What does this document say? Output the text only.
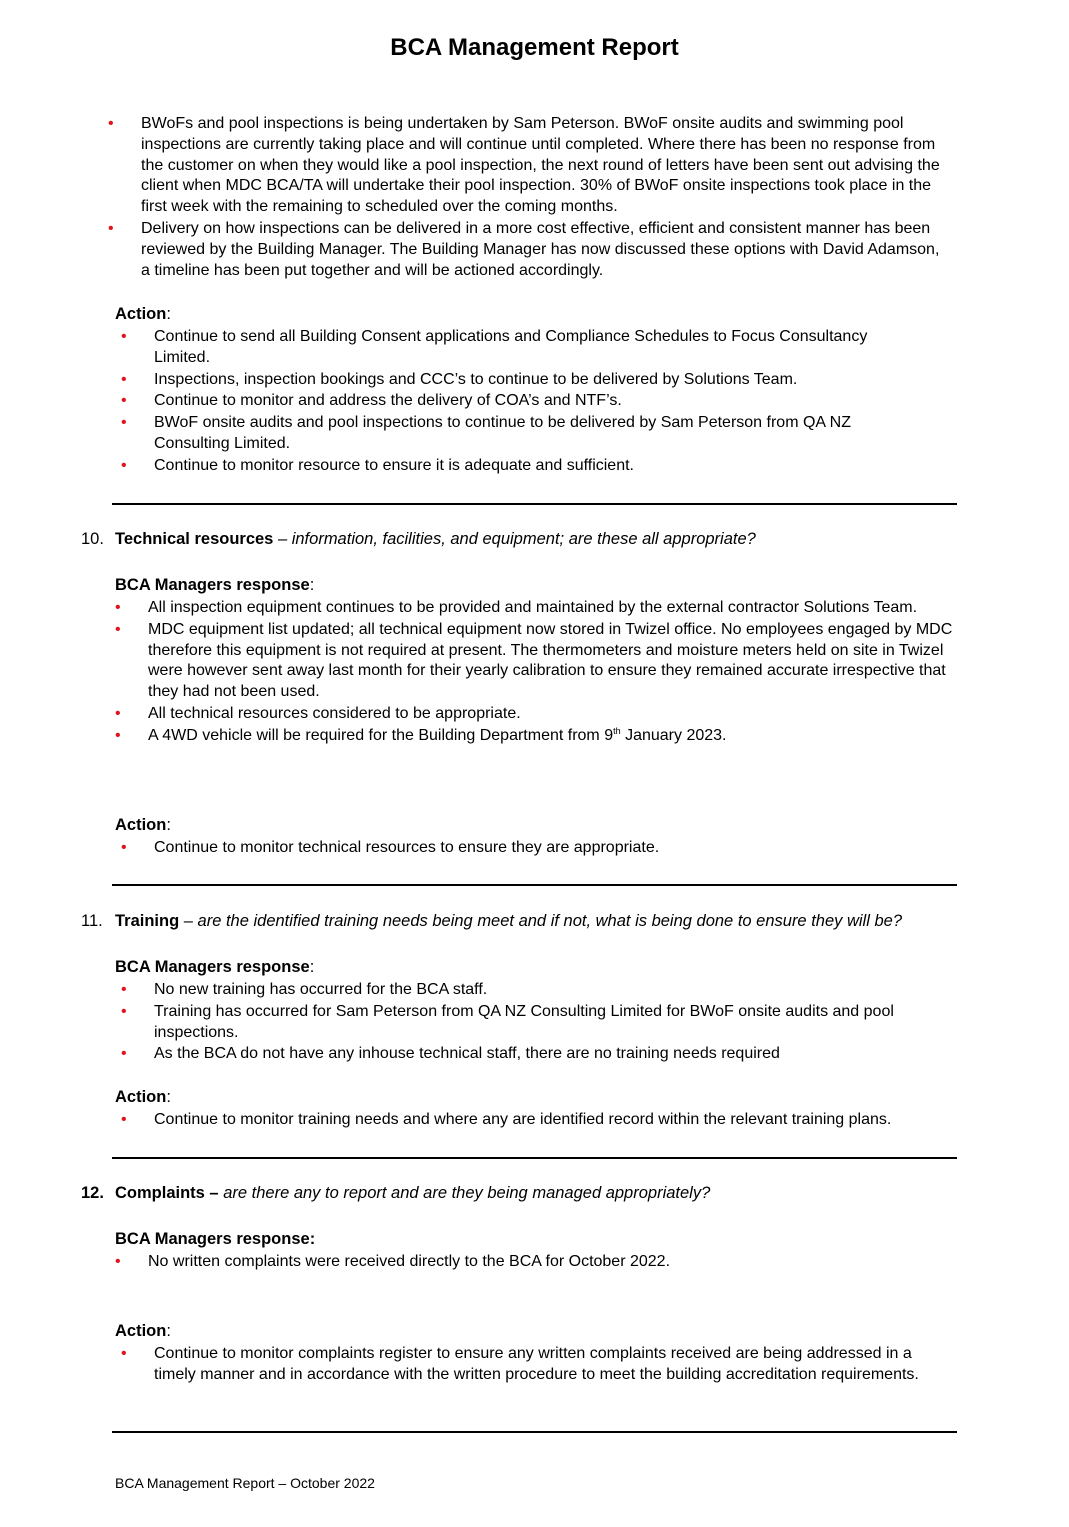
BCA Management Report
• BWoFs and pool inspections is being undertaken by Sam Peterson. BWoF onsite audits and swimming pool inspections are currently taking place and will continue until completed. Where there has been no response from the customer on when they would like a pool inspection, the next round of letters have been sent out advising the client when MDC BCA/TA will undertake their pool inspection. 30% of BWoF onsite inspections took place in the first week with the remaining to scheduled over the coming months.
• Delivery on how inspections can be delivered in a more cost effective, efficient and consistent manner has been reviewed by the Building Manager. The Building Manager has now discussed these options with David Adamson, a timeline has been put together and will be actioned accordingly.

Action:

• Continue to send all Building Consent applications and Compliance Schedules to Focus Consultancy Limited.
• Inspections, inspection bookings and CCC’s to continue to be delivered by Solutions Team.
• Continue to monitor and address the delivery of COA’s and NTF’s.
• BWoF onsite audits and pool inspections to continue to be delivered by Sam Peterson from QA NZ Consulting Limited.
• Continue to monitor resource to ensure it is adequate and sufficient.

10. Technical resources – information, facilities, and equipment; are these all appropriate?

BCA Managers response:

• All inspection equipment continues to be provided and maintained by the external contractor Solutions Team.
• MDC equipment list updated; all technical equipment now stored in Twizel office. No employees engaged by MDC therefore this equipment is not required at present. The thermometers and moisture meters held on site in Twizel were however sent away last month for their yearly calibration to ensure they remained accurate irrespective that they had not been used.
• All technical resources considered to be appropriate.
• A 4WD vehicle will be required for the Building Department from 9th January 2023.

Action:

• Continue to monitor technical resources to ensure they are appropriate.

11. Training – are the identified training needs being meet and if not, what is being done to ensure they will be?

BCA Managers response:

• No new training has occurred for the BCA staff.
• Training has occurred for Sam Peterson from QA NZ Consulting Limited for BWoF onsite audits and pool inspections.
• As the BCA do not have any inhouse technical staff, there are no training needs required

Action:

• Continue to monitor training needs and where any are identified record within the relevant training plans.

12. Complaints – are there any to report and are they being managed appropriately?

BCA Managers response:

• No written complaints were received directly to the BCA for October 2022.

Action:

• Continue to monitor complaints register to ensure any written complaints received are being addressed in a timely manner and in accordance with the written procedure to meet the building accreditation requirements.

BCA Management Report – October 2022
